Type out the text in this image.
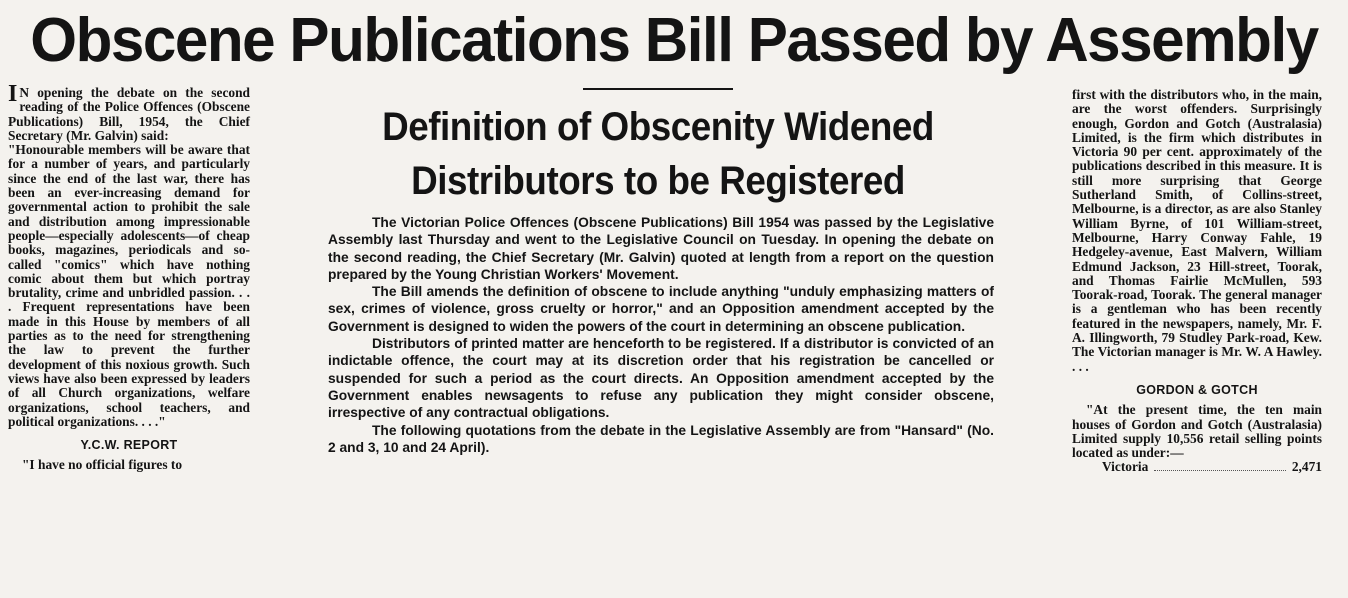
Obscene Publications Bill Passed by Assembly

I N opening the debate on the second reading of the Police Offences (Obscene Publications) Bill, 1954, the Chief Secretary (Mr. Galvin) said:

"Honourable members will be aware that for a number of years, and particularly since the end of the last war, there has been an ever-increasing demand for governmental action to prohibit the sale and distribution among impressionable people—especially adolescents—of cheap books, magazines, periodicals and so-called "comics" which have nothing comic about them but which portray brutality, crime and unbridled passion. . . . Frequent representations have been made in this House by members of all parties as to the need for strengthening the law to prevent the further development of this noxious growth. Such views have also been expressed by leaders of all Church organizations, welfare organizations, school teachers, and political organizations. . . ."

Y.C.W. REPORT

"I have no official figures to

Definition of Obscenity Widened
Distributors to be Registered

The Victorian Police Offences (Obscene Publications) Bill 1954 was passed by the Legislative Assembly last Thursday and went to the Legislative Council on Tuesday. In opening the debate on the second reading, the Chief Secretary (Mr. Galvin) quoted at length from a report on the question prepared by the Young Christian Workers' Movement.

The Bill amends the definition of obscene to include anything "unduly emphasizing matters of sex, crimes of violence, gross cruelty or horror," and an Opposition amendment accepted by the Government is designed to widen the powers of the court in determining an obscene publication.

Distributors of printed matter are henceforth to be registered. If a distributor is convicted of an indictable offence, the court may at its discretion order that his registration be cancelled or suspended for such a period as the court directs. An Opposition amendment accepted by the Government enables newsagents to refuse any publication they might consider obscene, irrespective of any contractual obligations.

The following quotations from the debate in the Legislative Assembly are from "Hansard" (No. 2 and 3, 10 and 24 April).

first with the distributors who, in the main, are the worst offenders. Surprisingly enough, Gordon and Gotch (Australasia) Limited, is the firm which distributes in Victoria 90 per cent. approximately of the publications described in this measure. It is still more surprising that George Sutherland Smith, of Collins-street, Melbourne, is a director, as are also Stanley William Byrne, of 101 William-street, Melbourne, Harry Conway Fahle, 19 Hedgeley-avenue, East Malvern, William Edmund Jackson, 23 Hill-street, Toorak, and Thomas Fairlie McMullen, 593 Toorak-road, Toorak. The general manager is a gentleman who has been recently featured in the newspapers, namely, Mr. F. A. Illingworth, 79 Studley Park-road, Kew. The Victorian manager is Mr. W. A Hawley. . . .

GORDON & GOTCH

"At the present time, the ten main houses of Gordon and Gotch (Australasia) Limited supply 10,556 retail selling points located as under:—

Victoria	2,471
